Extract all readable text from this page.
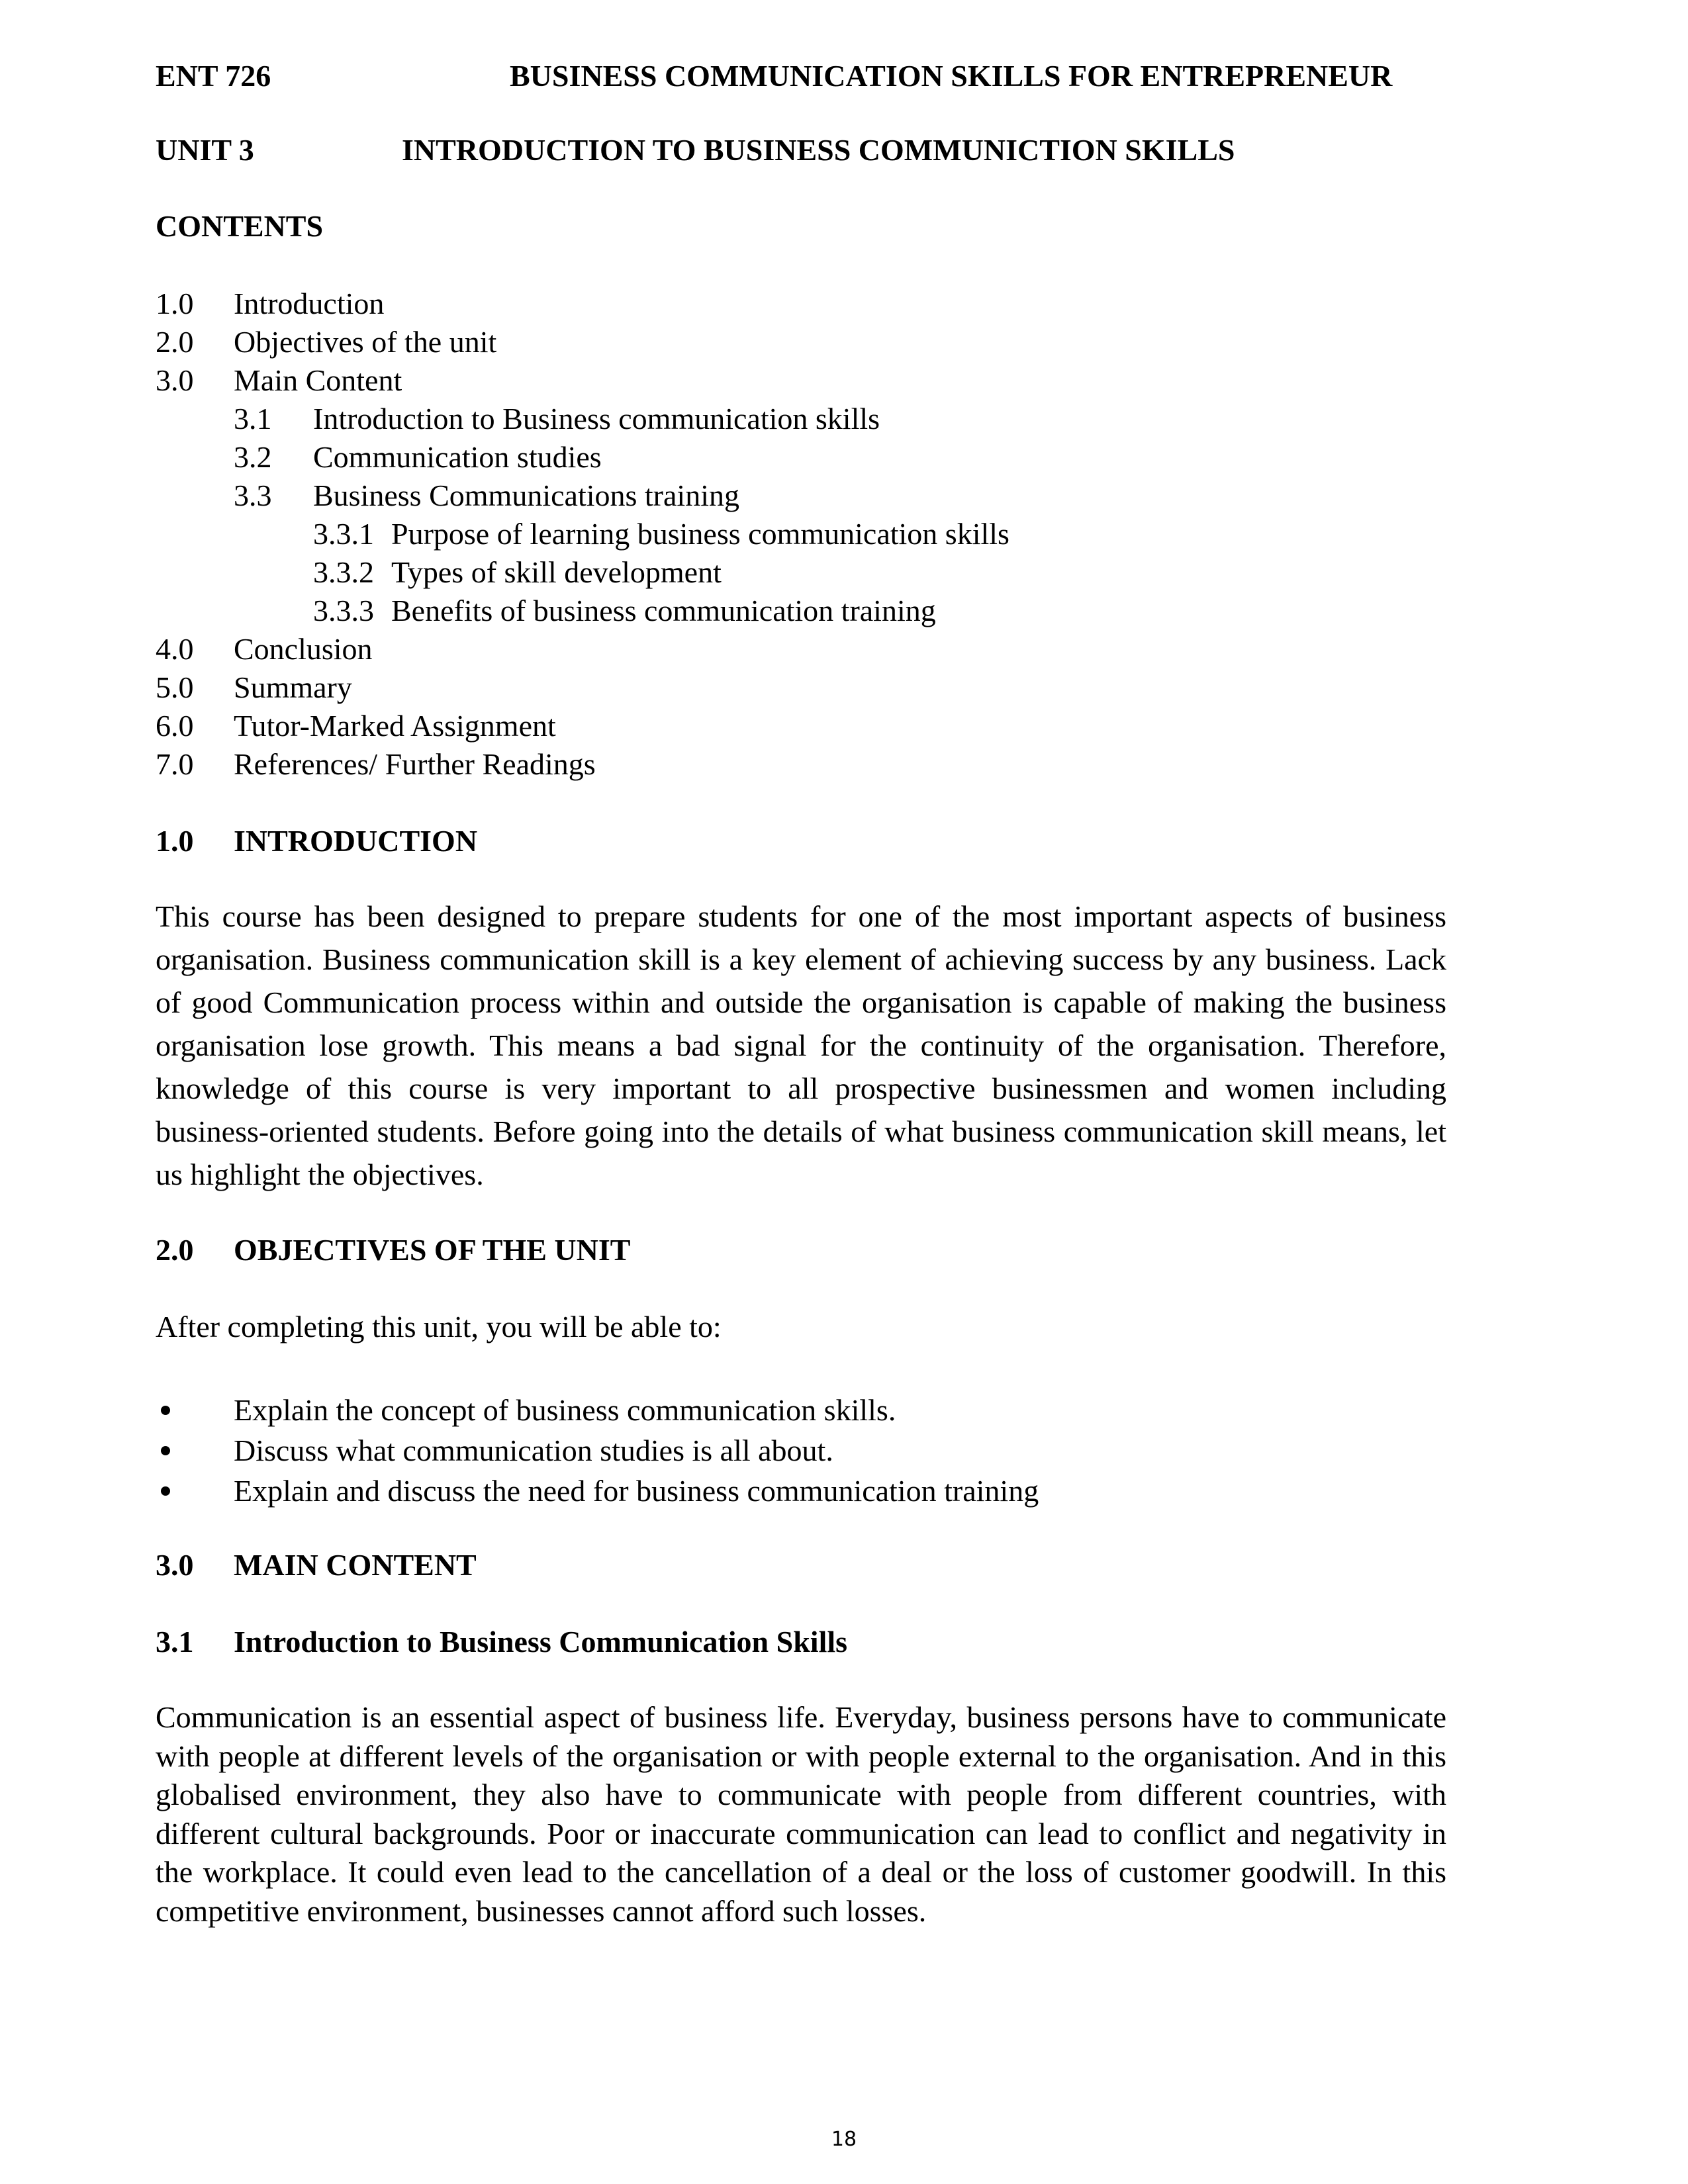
ENT 726	BUSINESS COMMUNICATION SKILLS FOR ENTREPRENEUR
UNIT 3	INTRODUCTION TO BUSINESS COMMUNICTION SKILLS
CONTENTS
1.0 Introduction
2.0 Objectives of the unit
3.0 Main Content
3.1 Introduction to Business communication skills
3.2 Communication studies
3.3 Business Communications training
3.3.1 Purpose of learning business communication skills
3.3.2 Types of skill development
3.3.3 Benefits of business communication training
4.0 Conclusion
5.0 Summary
6.0 Tutor-Marked Assignment
7.0 References/ Further Readings
1.0 INTRODUCTION
This course has been designed to prepare students for one of the most important aspects of business organisation. Business communication skill is a key element of achieving success by any business. Lack of good Communication process within and outside the organisation is capable of making the business organisation lose growth. This means a bad signal for the continuity of the organisation. Therefore, knowledge of this course is very important to all prospective businessmen and women including business-oriented students. Before going into the details of what business communication skill means, let us highlight the objectives.
2.0 OBJECTIVES OF THE UNIT
After completing this unit, you will be able to:
Explain the concept of business communication skills.
Discuss what communication studies is all about.
Explain and discuss the need for business communication training
3.0 MAIN CONTENT
3.1 Introduction to Business Communication Skills
Communication is an essential aspect of business life. Everyday, business persons have to communicate with people at different levels of the organisation or with people external to the organisation. And in this globalised environment, they also have to communicate with people from different countries, with different cultural backgrounds. Poor or inaccurate communication can lead to conflict and negativity in the workplace. It could even lead to the cancellation of a deal or the loss of customer goodwill. In this competitive environment, businesses cannot afford such losses.
18
